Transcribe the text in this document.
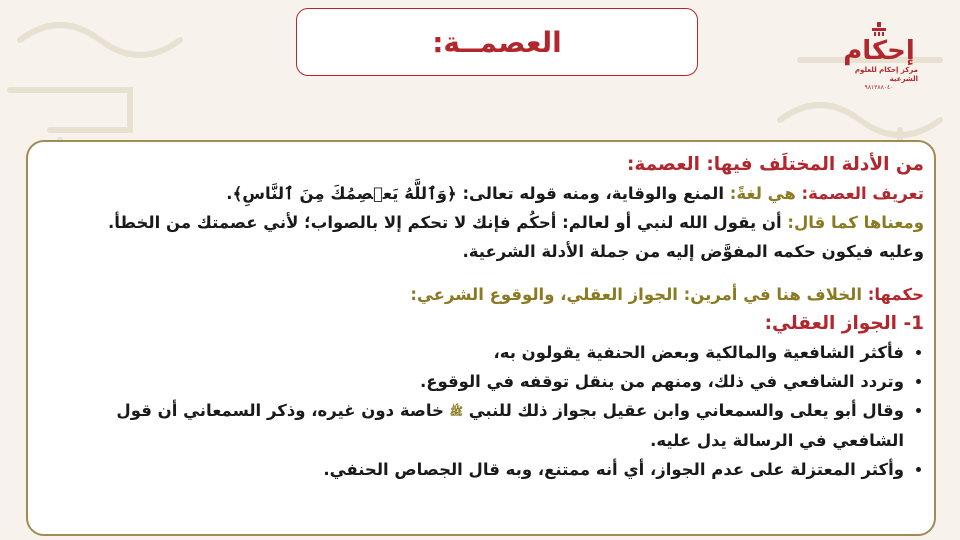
العصمــة:	إحكام
مركز إحكام للعلوم الشرعية
٩٨١٣٨٨٠٤٠
من الأدلة المختلَف فيها: العصمة:
تعريف العصمة: هي لغةً: المنع والوقاية، ومنه قوله تعالى: ﴿وَٱللَّهُ يَعۡصِمُكَ مِنَ ٱلنَّاسِ﴾.
ومعناها كما قال: أن يقول الله لنبي أو لعالم: أحكُم فإنك لا تحكم إلا بالصواب؛ لأني عصمتك من الخطأ.
وعليه فيكون حكمه المفوَّض إليه من جملة الأدلة الشرعية.
حكمها: الخلاف هنا في أمرين: الجواز العقلي، والوقوع الشرعي:
1- الجواز العقلي:
• فأكثر الشافعية والمالكية وبعض الحنفية يقولون به،
• وتردد الشافعي في ذلك، ومنهم من ينقل توقفه في الوقوع.
• وقال أبو يعلى والسمعاني وابن عقيل بجواز ذلك للنبي ﷺ خاصة دون غيره، وذكر السمعاني أن قول الشافعي في الرسالة يدل عليه.
• وأكثر المعتزلة على عدم الجواز، أي أنه ممتنع، وبه قال الجصاص الحنفي.
